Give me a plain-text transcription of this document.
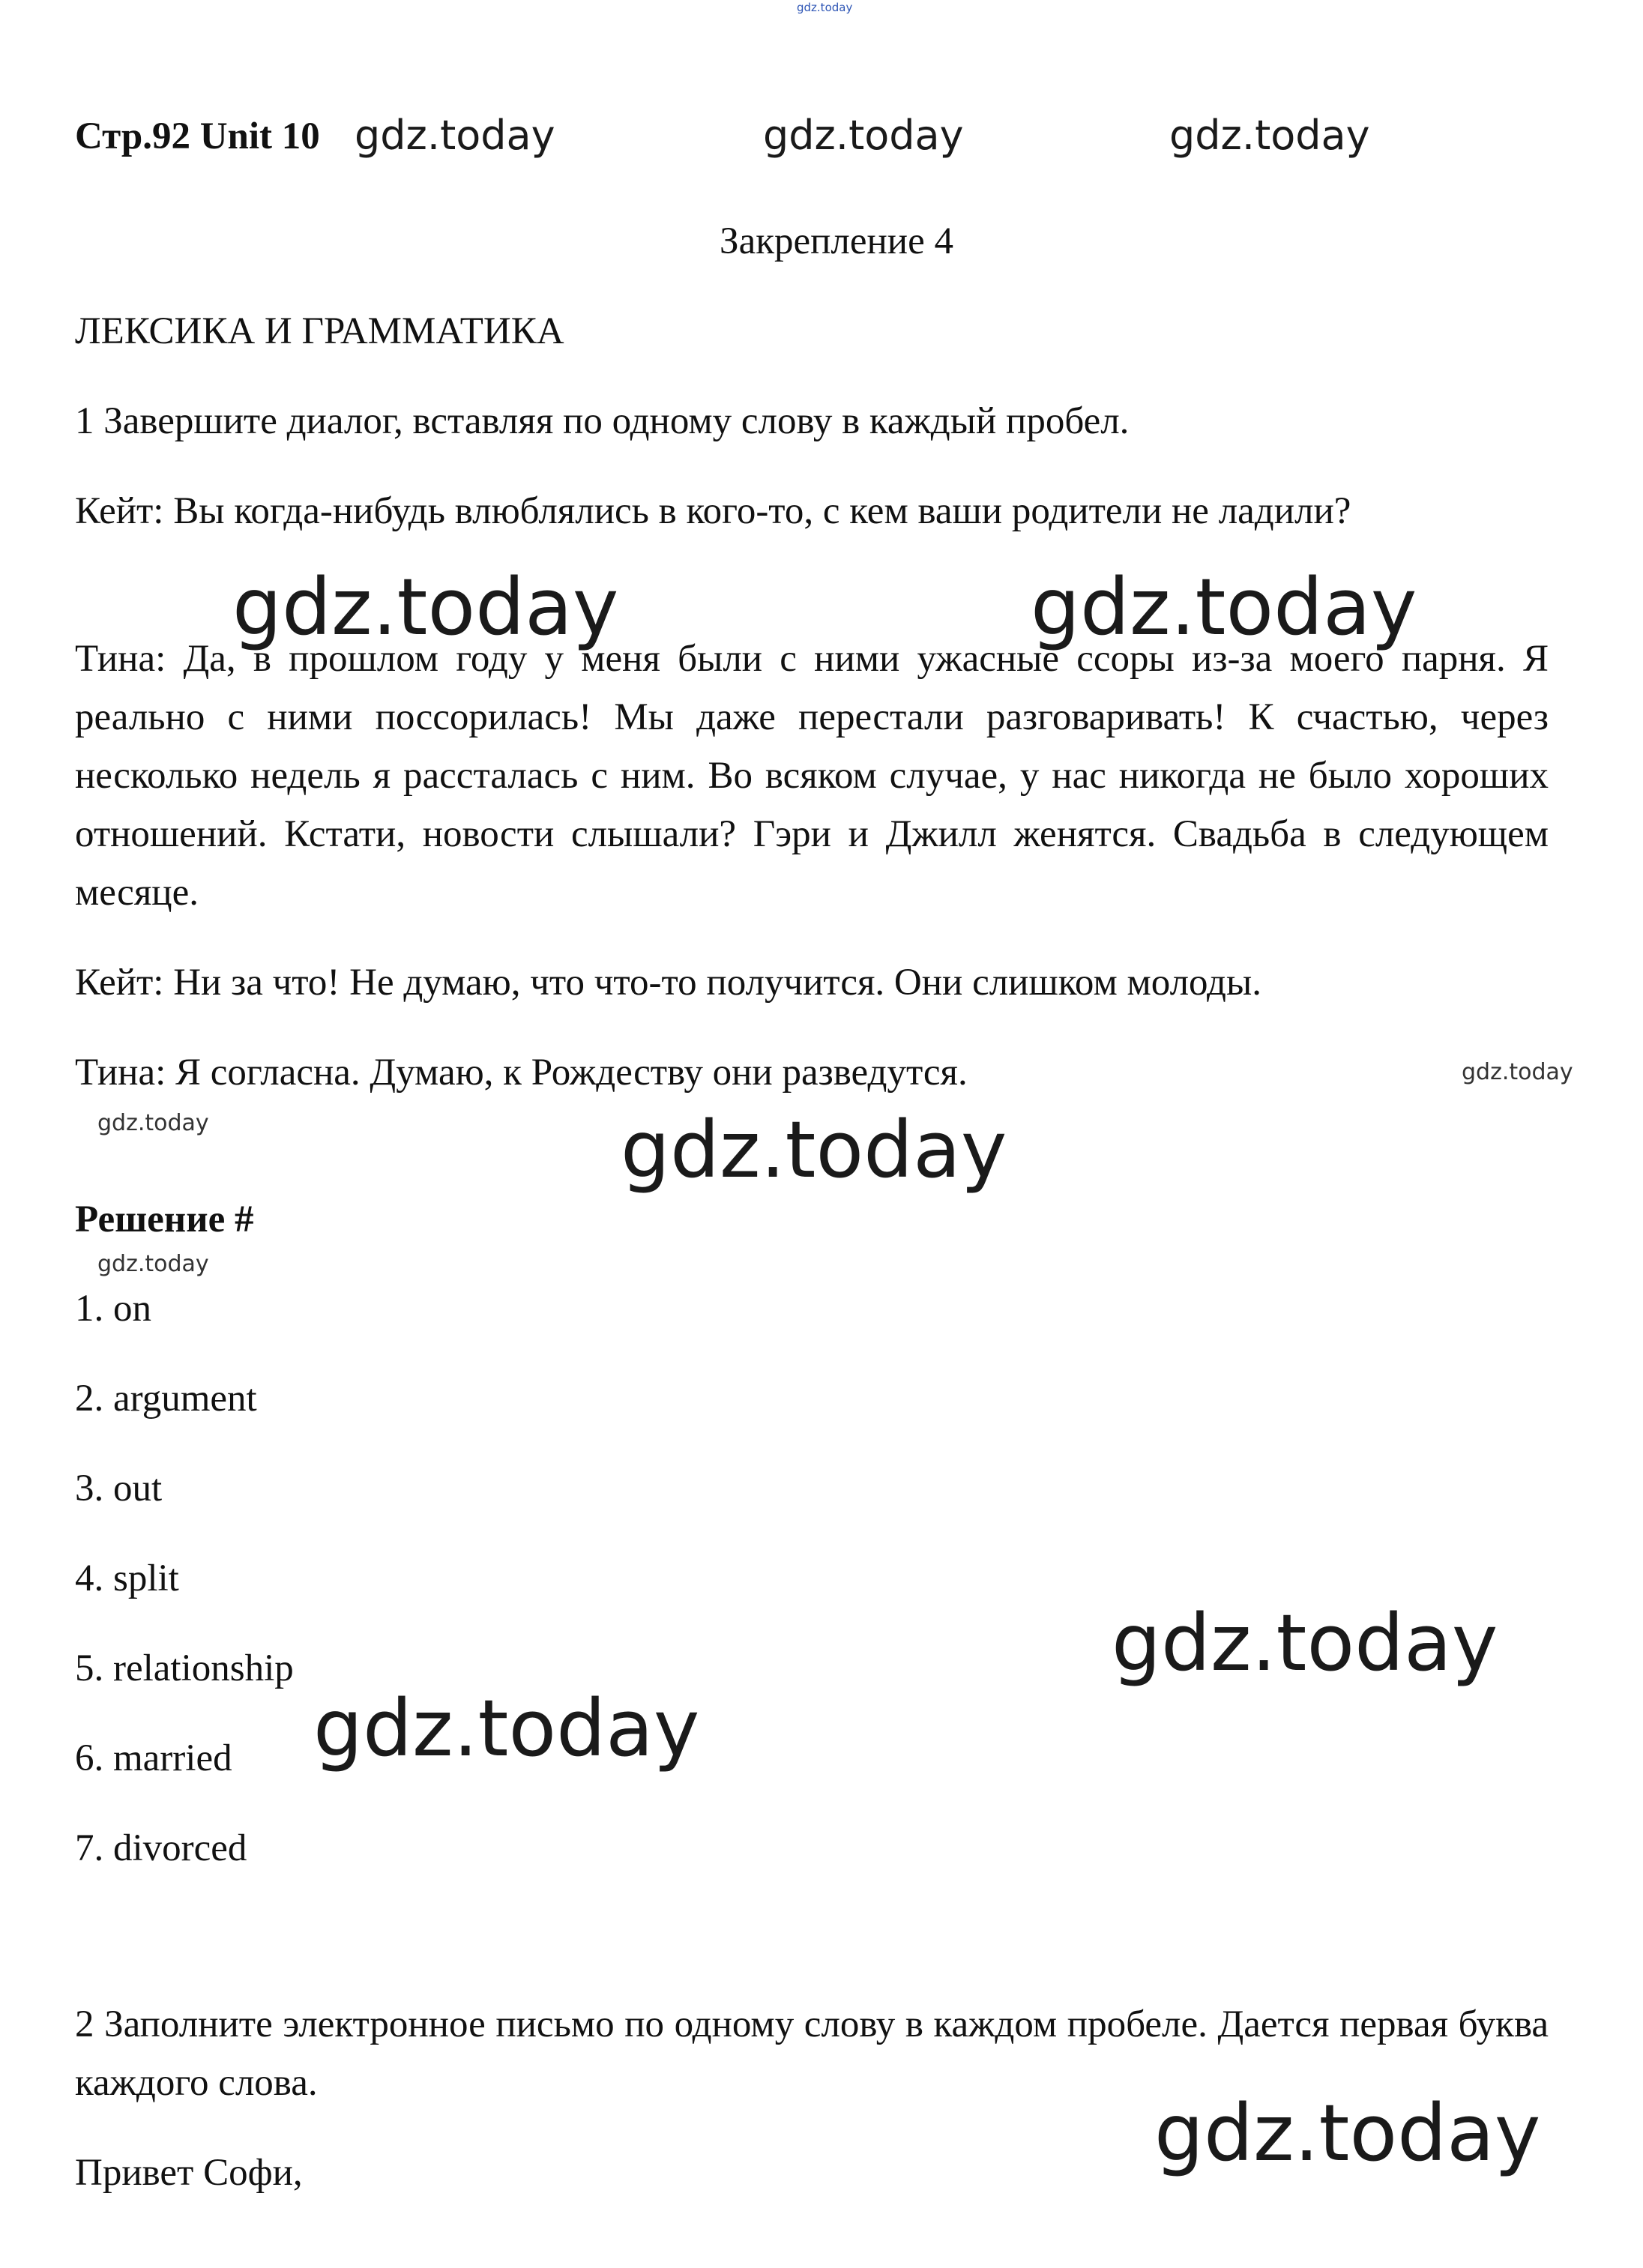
gdz.today
Стр.92 Unit 10 gdz.today	gdz.today	gdz.today
Закрепление 4
ЛЕКСИКА И ГРАММАТИКА
1 Завершите диалог, вставляя по одному слову в каждый пробел.
Кейт: Вы когда-нибудь влюблялись в кого-то, с кем ваши родители не ладили?
Тина: Да, в прошлом году у меня были с ними ужасные ссоры из-за моего парня. Я реально с ними поссорилась! Мы даже перестали разговаривать! К счастью, через несколько недель я рассталась с ним. Во всяком случае, у нас никогда не было хороших отношений. Кстати, новости слышали? Гэри и Джилл женятся. Свадьба в следующем месяце.
Кейт: Ни за что! Не думаю, что что-то получится. Они слишком молоды.
Тина: Я согласна. Думаю, к Рождеству они разведутся.
gdz.today	gdz.today
gdz.today
gdz.today	gdz.today
Решение #
gdz.today
1. on
2. argument
3. out
4. split
5. relationship
6. married
7. divorced
gdz.today
gdz.today
2 Заполните электронное письмо по одному слову в каждом пробеле. Дается первая буква каждого слова.
gdz.today
Привет Софи,
